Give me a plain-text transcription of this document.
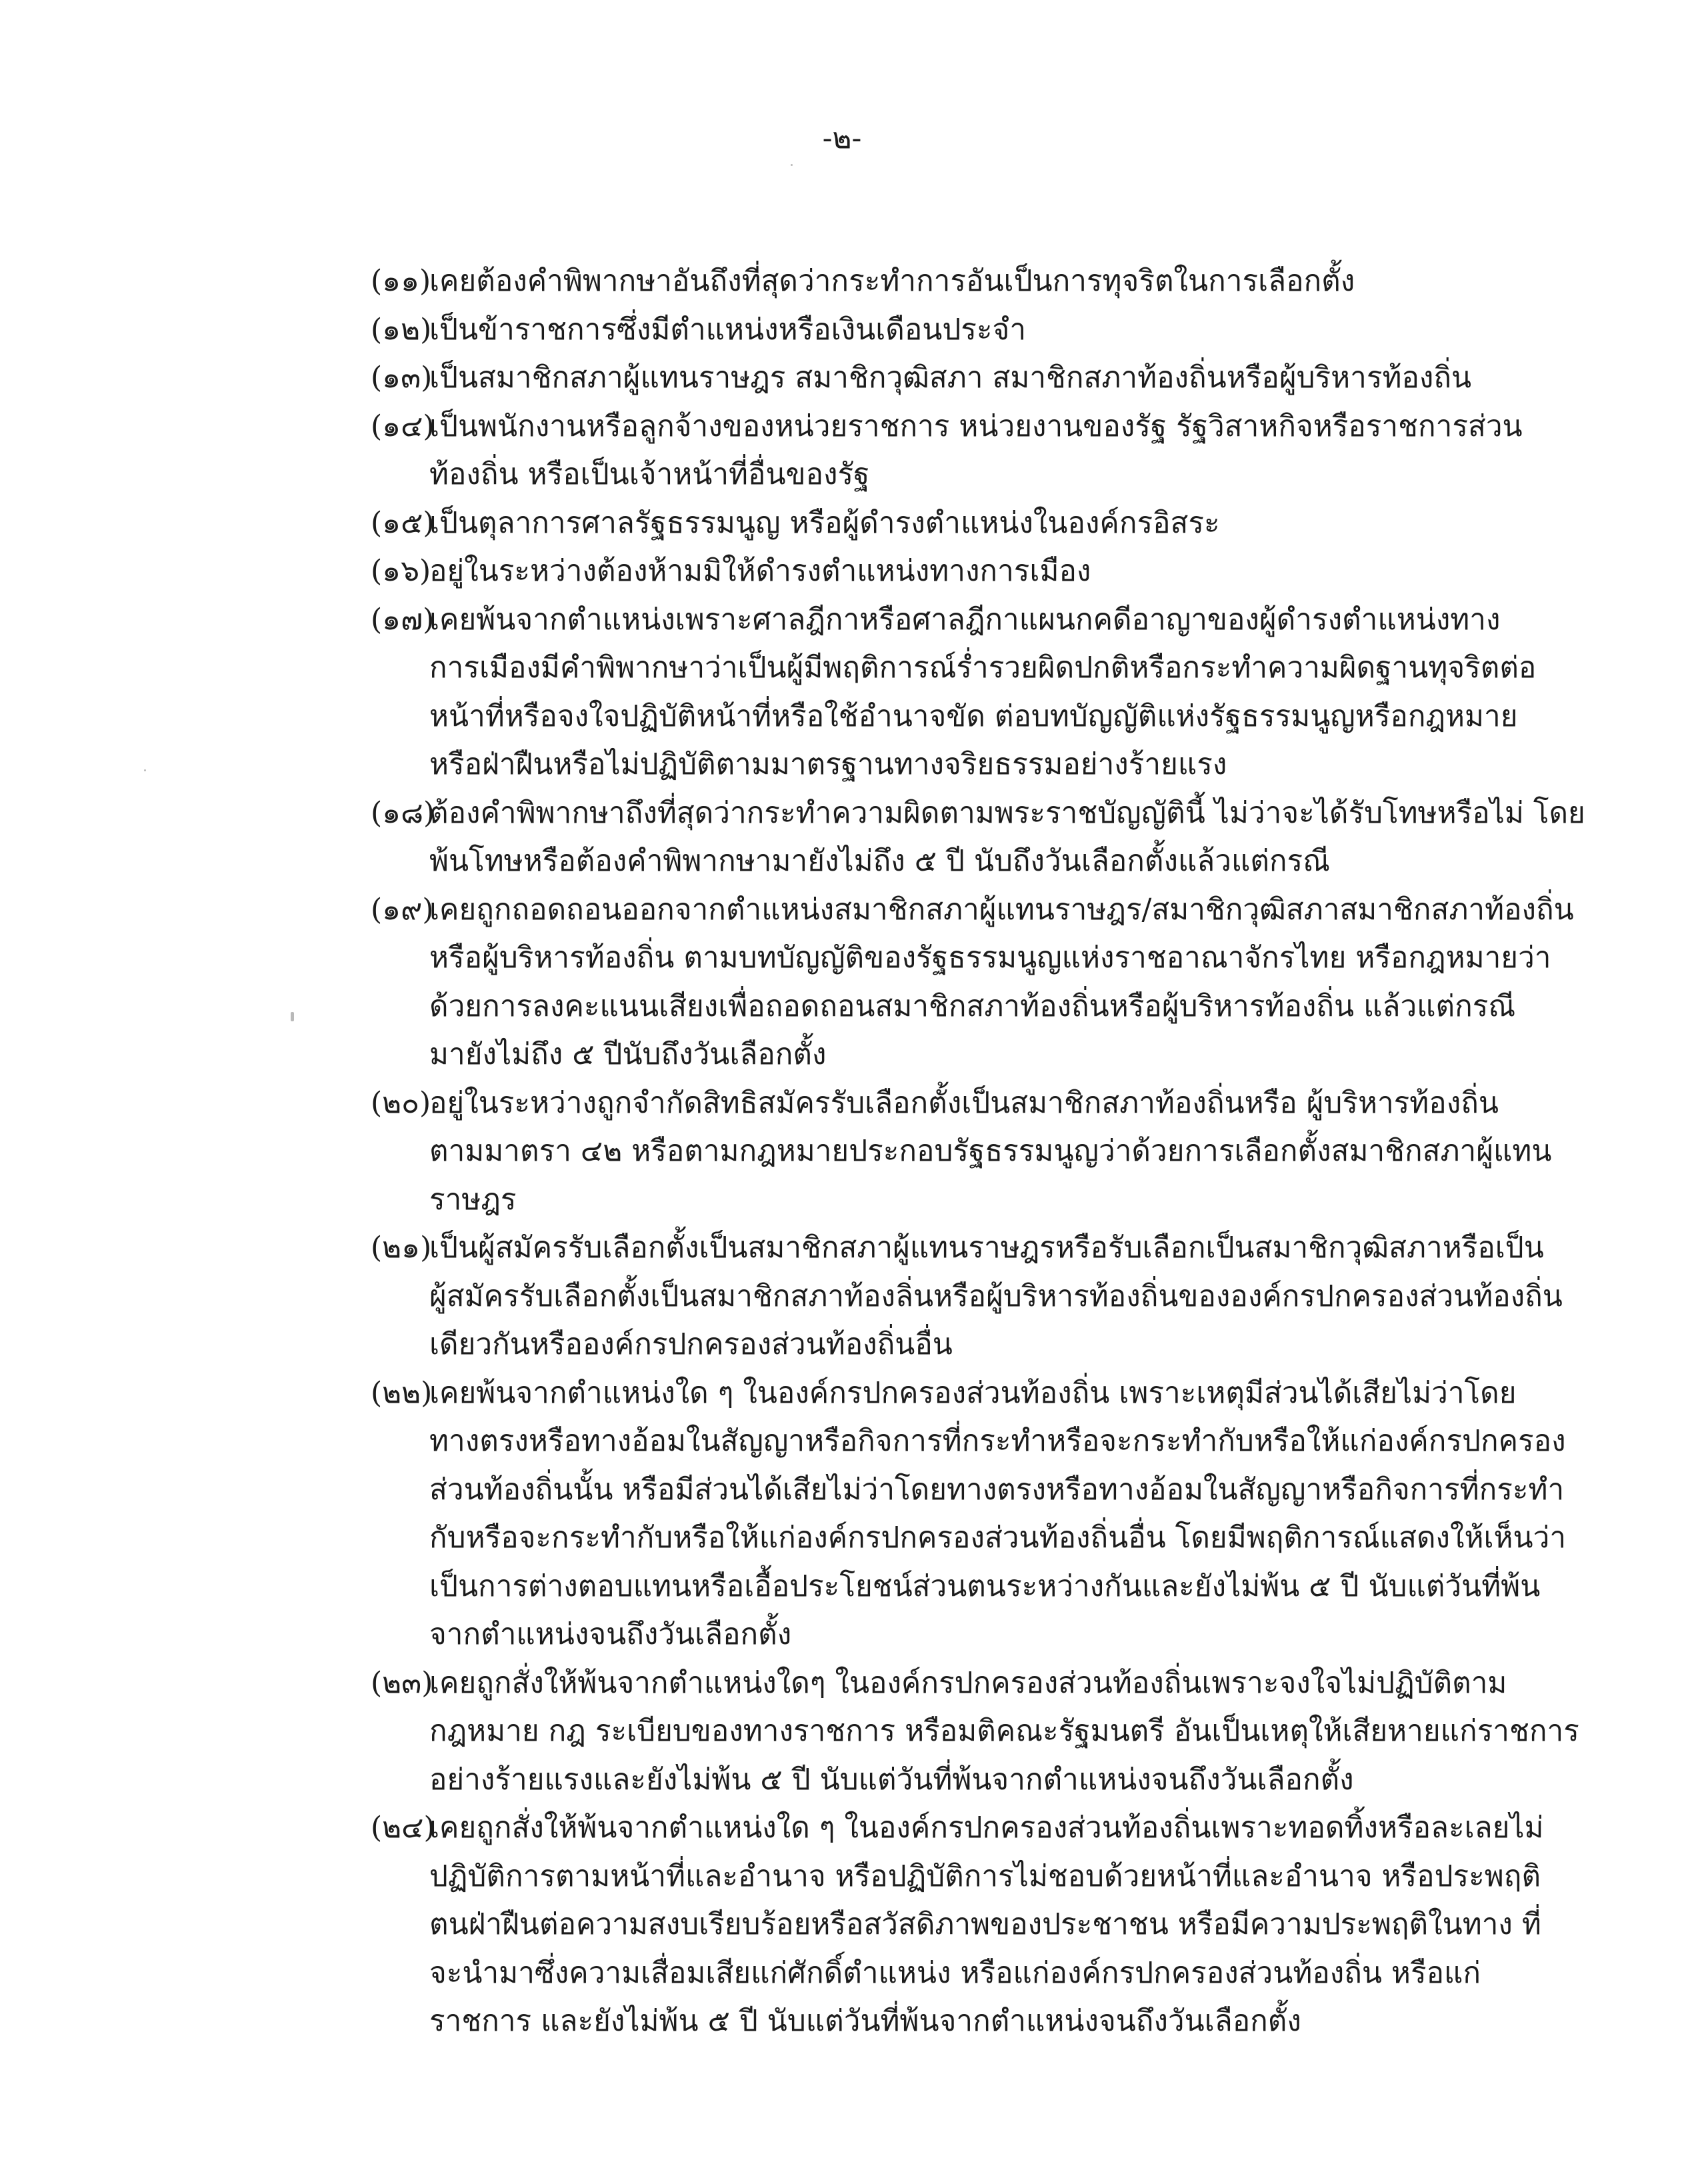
-๒-
(๑๑)
เคยต้องคำพิพากษาอันถึงที่สุดว่ากระทำการอันเป็นการทุจริตในการเลือกตั้ง
(๑๒)
เป็นข้าราชการซึ่งมีตำแหน่งหรือเงินเดือนประจำ
(๑๓)
เป็นสมาชิกสภาผู้แทนราษฎร สมาชิกวุฒิสภา สมาชิกสภาท้องถิ่นหรือผู้บริหารท้องถิ่น
(๑๔)
เป็นพนักงานหรือลูกจ้างของหน่วยราชการ หน่วยงานของรัฐ รัฐวิสาหกิจหรือราชการส่วน
ท้องถิ่น หรือเป็นเจ้าหน้าที่อื่นของรัฐ
(๑๕)
เป็นตุลาการศาลรัฐธรรมนูญ หรือผู้ดำรงตำแหน่งในองค์กรอิสระ
(๑๖)
อยู่ในระหว่างต้องห้ามมิให้ดำรงตำแหน่งทางการเมือง
(๑๗)
เคยพ้นจากตำแหน่งเพราะศาลฎีกาหรือศาลฎีกาแผนกคดีอาญาของผู้ดำรงตำแหน่งทาง
การเมืองมีคำพิพากษาว่าเป็นผู้มีพฤติการณ์ร่ำรวยผิดปกติหรือกระทำความผิดฐานทุจริตต่อ
หน้าที่หรือจงใจปฏิบัติหน้าที่หรือใช้อำนาจขัด ต่อบทบัญญัติแห่งรัฐธรรมนูญหรือกฎหมาย
หรือฝ่าฝืนหรือไม่ปฏิบัติตามมาตรฐานทางจริยธรรมอย่างร้ายแรง
(๑๘)
ต้องคำพิพากษาถึงที่สุดว่ากระทำความผิดตามพระราชบัญญัตินี้ ไม่ว่าจะได้รับโทษหรือไม่ โดย
พ้นโทษหรือต้องคำพิพากษามายังไม่ถึง ๕ ปี นับถึงวันเลือกตั้งแล้วแต่กรณี
(๑๙)
เคยถูกถอดถอนออกจากตำแหน่งสมาชิกสภาผู้แทนราษฎร/สมาชิกวุฒิสภาสมาชิกสภาท้องถิ่น
หรือผู้บริหารท้องถิ่น ตามบทบัญญัติของรัฐธรรมนูญแห่งราชอาณาจักรไทย หรือกฎหมายว่า
ด้วยการลงคะแนนเสียงเพื่อถอดถอนสมาชิกสภาท้องถิ่นหรือผู้บริหารท้องถิ่น แล้วแต่กรณี
มายังไม่ถึง ๕ ปีนับถึงวันเลือกตั้ง
(๒๐)
อยู่ในระหว่างถูกจำกัดสิทธิสมัครรับเลือกตั้งเป็นสมาชิกสภาท้องถิ่นหรือ ผู้บริหารท้องถิ่น
ตามมาตรา ๔๒ หรือตามกฎหมายประกอบรัฐธรรมนูญว่าด้วยการเลือกตั้งสมาชิกสภาผู้แทน
ราษฎร
(๒๑)
เป็นผู้สมัครรับเลือกตั้งเป็นสมาชิกสภาผู้แทนราษฎรหรือรับเลือกเป็นสมาชิกวุฒิสภาหรือเป็น
ผู้สมัครรับเลือกตั้งเป็นสมาชิกสภาท้องลิ่นหรือผู้บริหารท้องถิ่นขององค์กรปกครองส่วนท้องถิ่น
เดียวกันหรือองค์กรปกครองส่วนท้องถิ่นอื่น
(๒๒)
เคยพ้นจากตำแหน่งใด ๆ ในองค์กรปกครองส่วนท้องถิ่น เพราะเหตุมีส่วนได้เสียไม่ว่าโดย
ทางตรงหรือทางอ้อมในสัญญาหรือกิจการที่กระทำหรือจะกระทำกับหรือให้แก่องค์กรปกครอง
ส่วนท้องถิ่นนั้น หรือมีส่วนได้เสียไม่ว่าโดยทางตรงหรือทางอ้อมในสัญญาหรือกิจการที่กระทำ
กับหรือจะกระทำกับหรือให้แก่องค์กรปกครองส่วนท้องถิ่นอื่น โดยมีพฤติการณ์แสดงให้เห็นว่า
เป็นการต่างตอบแทนหรือเอื้อประโยชน์ส่วนตนระหว่างกันและยังไม่พ้น ๕ ปี นับแต่วันที่พ้น
จากตำแหน่งจนถึงวันเลือกตั้ง
(๒๓)
เคยถูกสั่งให้พ้นจากตำแหน่งใดๆ ในองค์กรปกครองส่วนท้องถิ่นเพราะจงใจไม่ปฏิบัติตาม
กฎหมาย กฎ ระเบียบของทางราชการ หรือมติคณะรัฐมนตรี อันเป็นเหตุให้เสียหายแก่ราชการ
อย่างร้ายแรงและยังไม่พ้น ๕ ปี นับแต่วันที่พ้นจากตำแหน่งจนถึงวันเลือกตั้ง
(๒๔)
เคยถูกสั่งให้พ้นจากตำแหน่งใด ๆ ในองค์กรปกครองส่วนท้องถิ่นเพราะทอดทิ้งหรือละเลยไม่
ปฏิบัติการตามหน้าที่และอำนาจ หรือปฏิบัติการไม่ชอบด้วยหน้าที่และอำนาจ หรือประพฤติ
ตนฝ่าฝืนต่อความสงบเรียบร้อยหรือสวัสดิภาพของประชาชน หรือมีความประพฤติในทาง ที่
จะนำมาซึ่งความเสื่อมเสียแก่ศักดิ์ตำแหน่ง หรือแก่องค์กรปกครองส่วนท้องถิ่น หรือแก่
ราชการ และยังไม่พ้น ๕ ปี นับแต่วันที่พ้นจากตำแหน่งจนถึงวันเลือกตั้ง
